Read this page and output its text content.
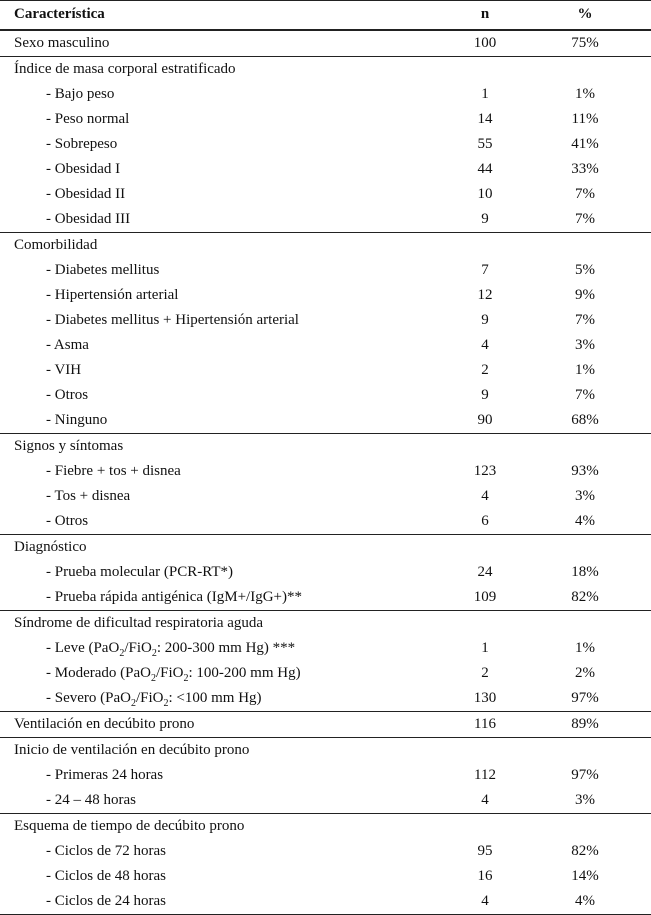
Característica	n	%
Sexo masculino	100	75%
Índice de masa corporal estratificado
- Bajo peso	1	1%
- Peso normal	14	11%
- Sobrepeso	55	41%
- Obesidad I	44	33%
- Obesidad II	10	7%
- Obesidad III	9	7%
Comorbilidad
- Diabetes mellitus	7	5%
- Hipertensión arterial	12	9%
- Diabetes mellitus + Hipertensión arterial	9	7%
- Asma	4	3%
- VIH	2	1%
- Otros	9	7%
- Ninguno	90	68%
Signos y síntomas
- Fiebre + tos + disnea	123	93%
- Tos + disnea	4	3%
- Otros	6	4%
Diagnóstico
- Prueba molecular (PCR-RT*)	24	18%
- Prueba rápida antigénica (IgM+/IgG+)**	109	82%
Síndrome de dificultad respiratoria aguda
- Leve (PaO$_2$/FiO$_2$: 200-300 mm Hg) ***	1	1%
- Moderado (PaO$_2$/FiO$_2$: 100-200 mm Hg)	2	2%
- Severo (PaO$_2$/FiO$_2$: <100 mm Hg)	130	97%
Ventilación en decúbito prono	116	89%
Inicio de ventilación en decúbito prono
- Primeras 24 horas	112	97%
- 24 – 48 horas	4	3%
Esquema de tiempo de decúbito prono
- Ciclos de 72 horas	95	82%
- Ciclos de 48 horas	16	14%
- Ciclos de 24 horas	4	4%
